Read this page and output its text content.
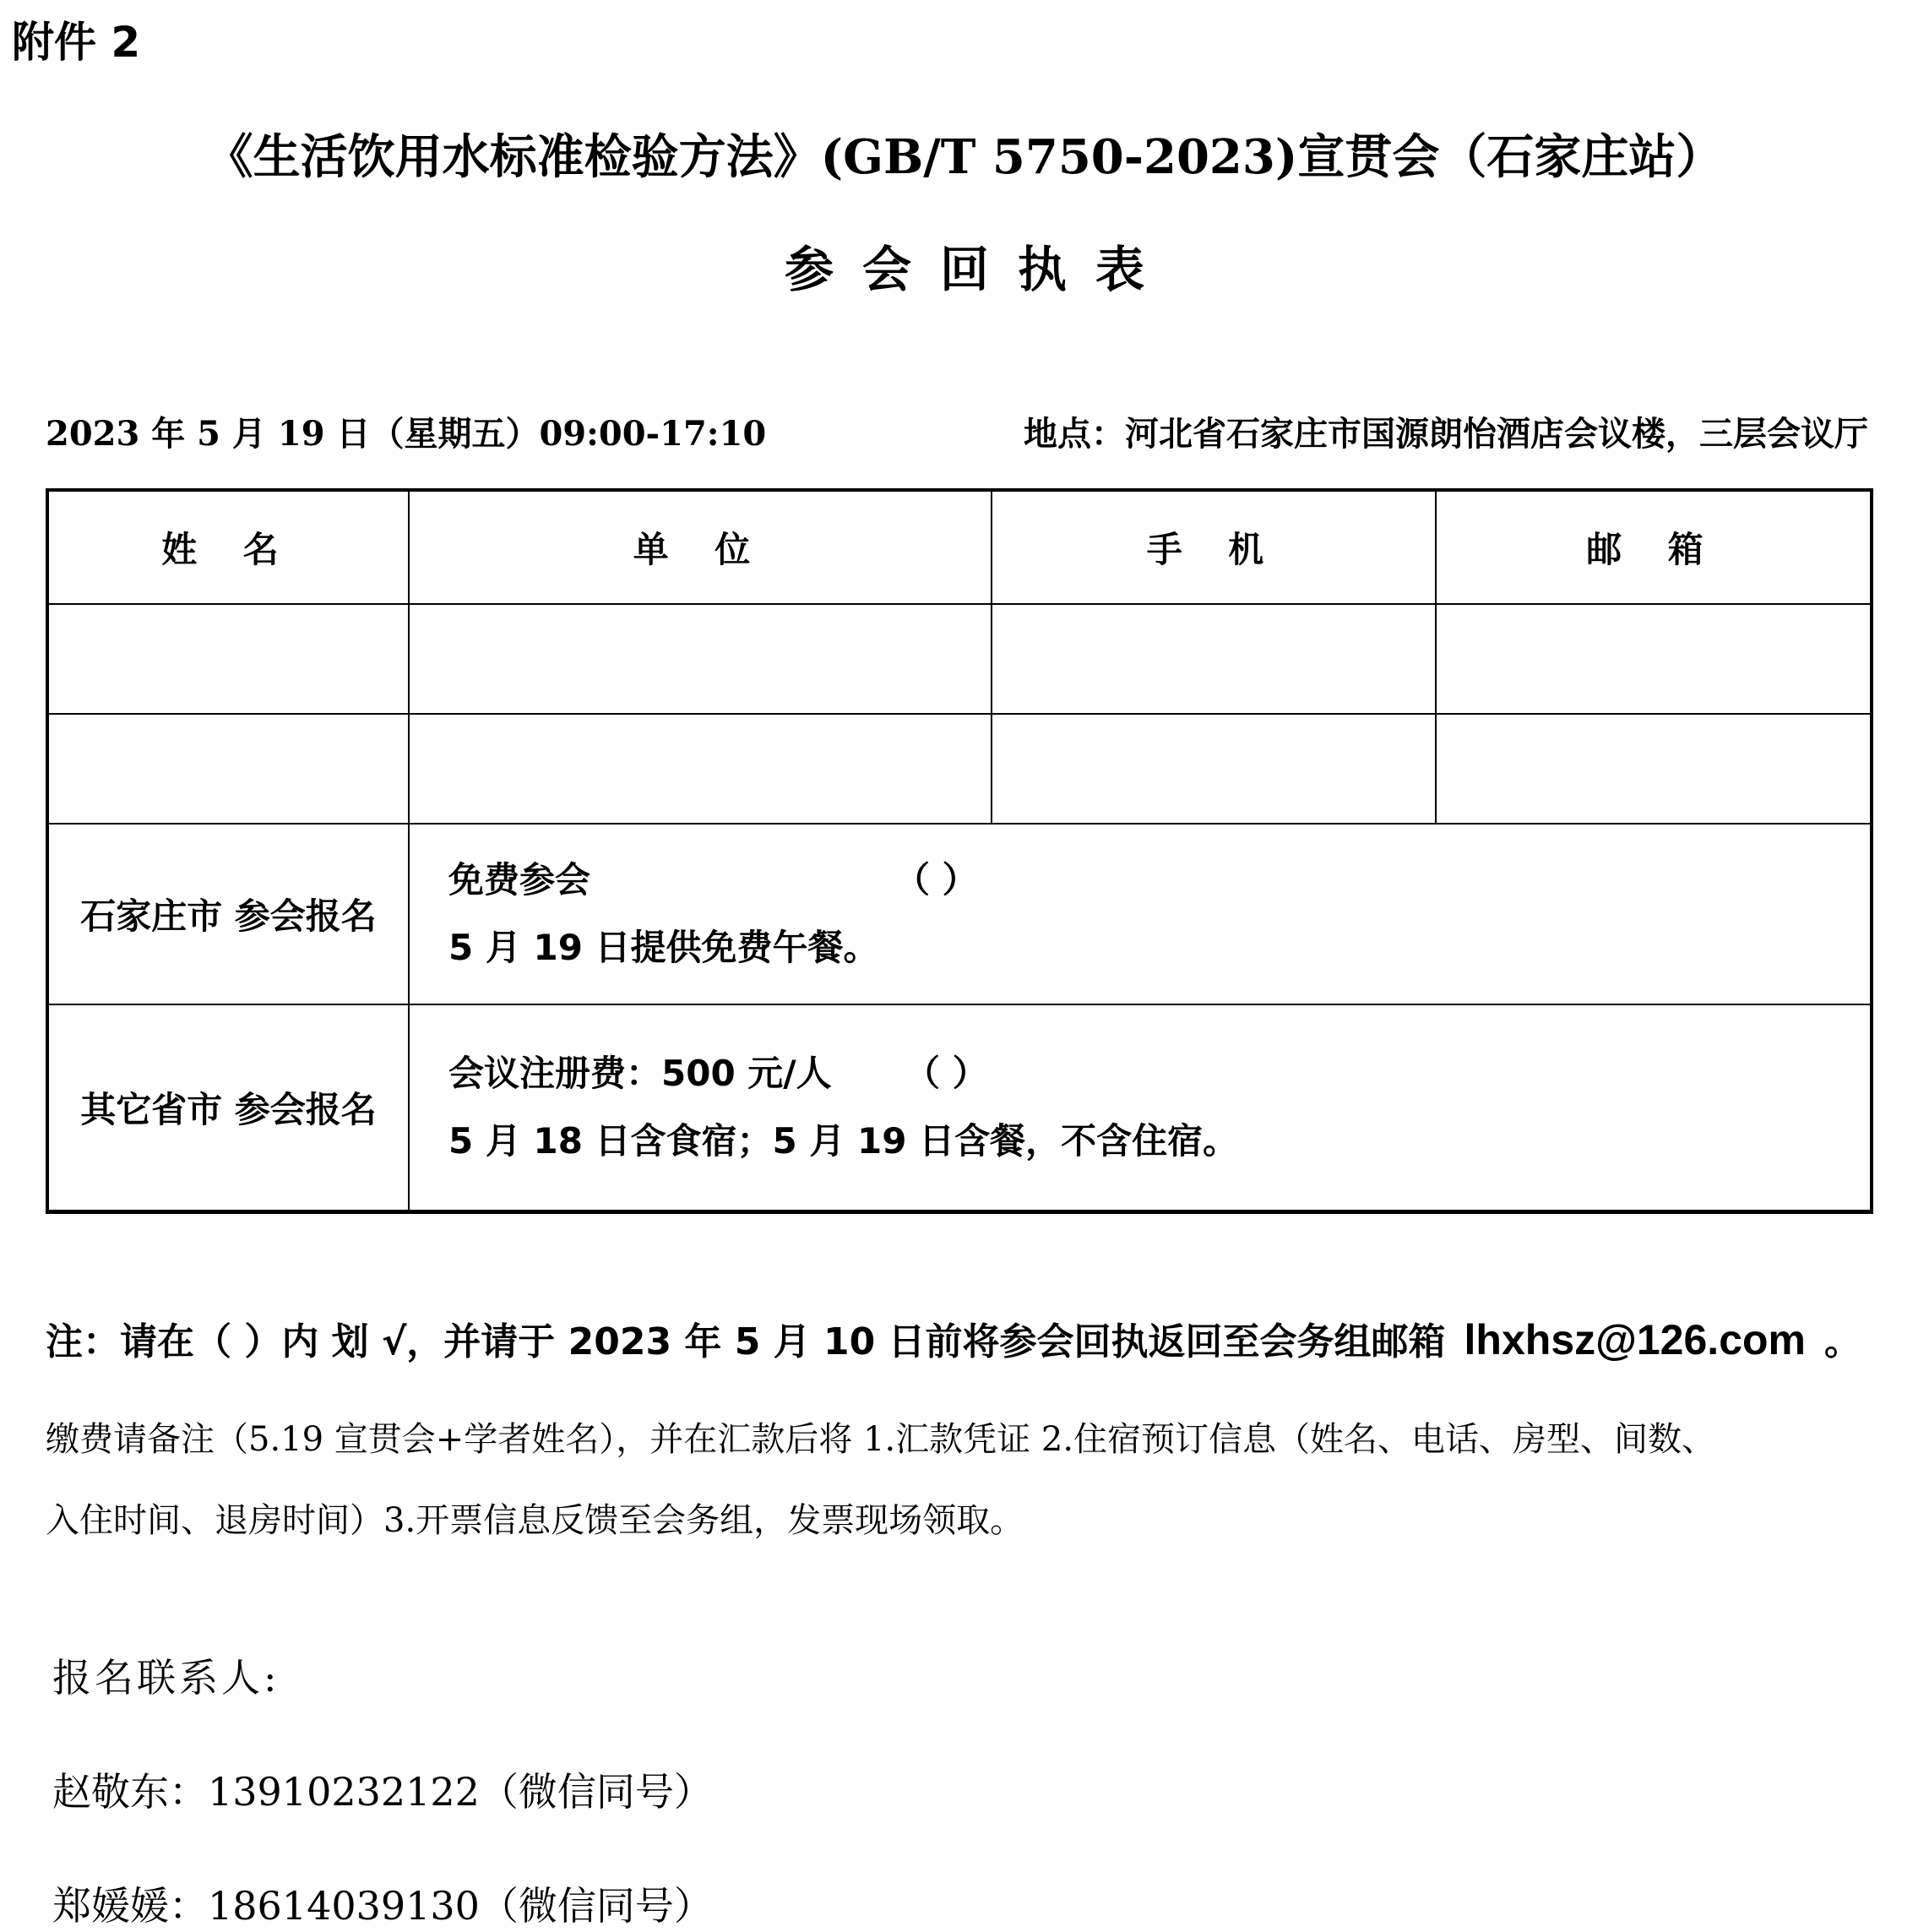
附件 2
《生活饮用水标准检验方法》(GB/T 5750-2023)宣贯会（石家庄站）
参会回执表
2023 年 5 月 19 日（星期五）09:00-17:10	地点：河北省石家庄市国源朗怡酒店会议楼，三层会议厅
姓 名	单 位	手 机	邮 箱

石家庄市 参会报名	免费参会 （ ）
5 月 19 日提供免费午餐。		

其它省市 参会报名	会议注册费：500 元/人 （ ）
5 月 18 日含食宿；5 月 19 日含餐，不含住宿。		
注：请在（ ）内 划 √，并请于 2023 年 5 月 10 日前将参会回执返回至会务组邮箱 lhxhsz@126.com 。
缴费请备注（5.19 宣贯会+学者姓名），并在汇款后将 1.汇款凭证 2.住宿预订信息（姓名、电话、房型、间数、
入住时间、退房时间）3.开票信息反馈至会务组，发票现场领取。
报名联系人:
赵敬东：13910232122（微信同号）
郑媛媛：18614039130（微信同号）
